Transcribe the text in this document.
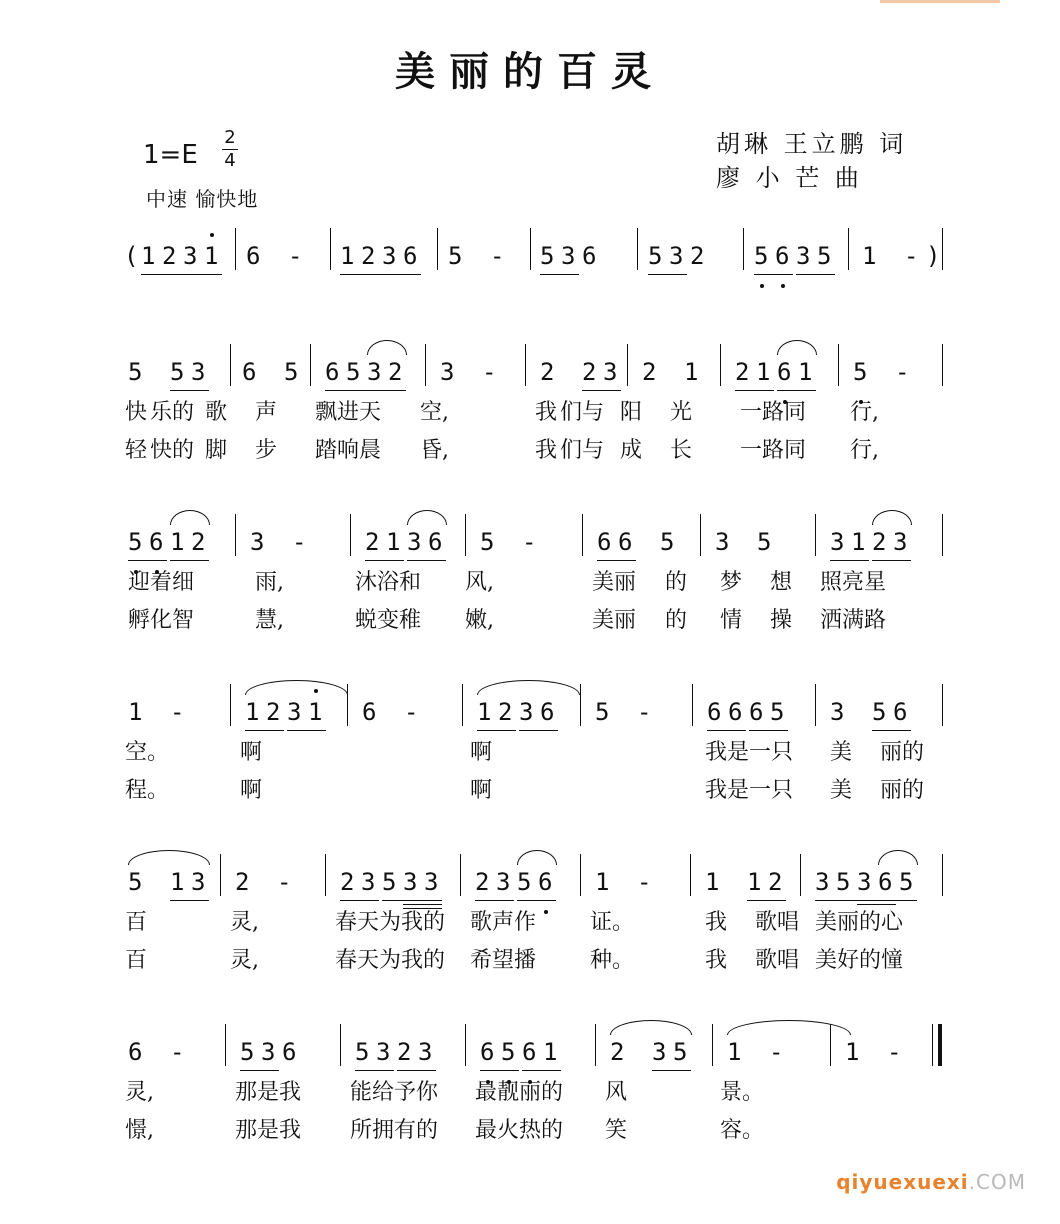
美丽的百灵
1=E
2
4
中速 愉快地
胡琳 王立鹏 词
廖 小 芒 曲
1 2 3 1 6 - 1 2 3 6 5 - 5 3 6 5 3 2 5 6 3 5 1 -
(	)
5 5 3 6 5 6 5 3 2 3 - 2 2 3 2 1 2 1 6 1 5 -
快 乐的 歌 声 飘进天 空,	我 们与 阳 光 一路同 行,
轻 快的 脚 步 踏响晨 昏,	我 们与 成 长 一路同 行,
5 6 1 2 3 - 2 1 3 6 5 -	6 6 5 3 5 3 1 2 3
迎着细	雨,	沐浴和 风,	美丽 的 梦 想 照亮星
孵化智	慧,	蜕变稚 嫩,	美丽 的 情 操 洒满路
1 -	1 2 3 1 6 - 1 2 3 6 5 - 6 6 6 5 3 5 6
空。	啊	啊	我是一只 美 丽的
程。	啊	啊	我是一只 美 丽的
5 1 3 2 - 2 3 5 3 3 2 3 5 6 1 - 1 1 2 3 5 3 6 5
百	灵,	春天为我的 歌声作 证。	我 歌唱 美丽的心
百	灵,	春天为我的 希望播 种。	我 歌唱 美好的憧
6 - 5 3 6 5 3 2 3 6 5 6 1 2 3 5 1 -	1 -
灵,	那是我 能给予你 最靓丽的 风	景。
憬,	那是我 所拥有的 最火热的 笑	容。
qiyuexuexi.COM
